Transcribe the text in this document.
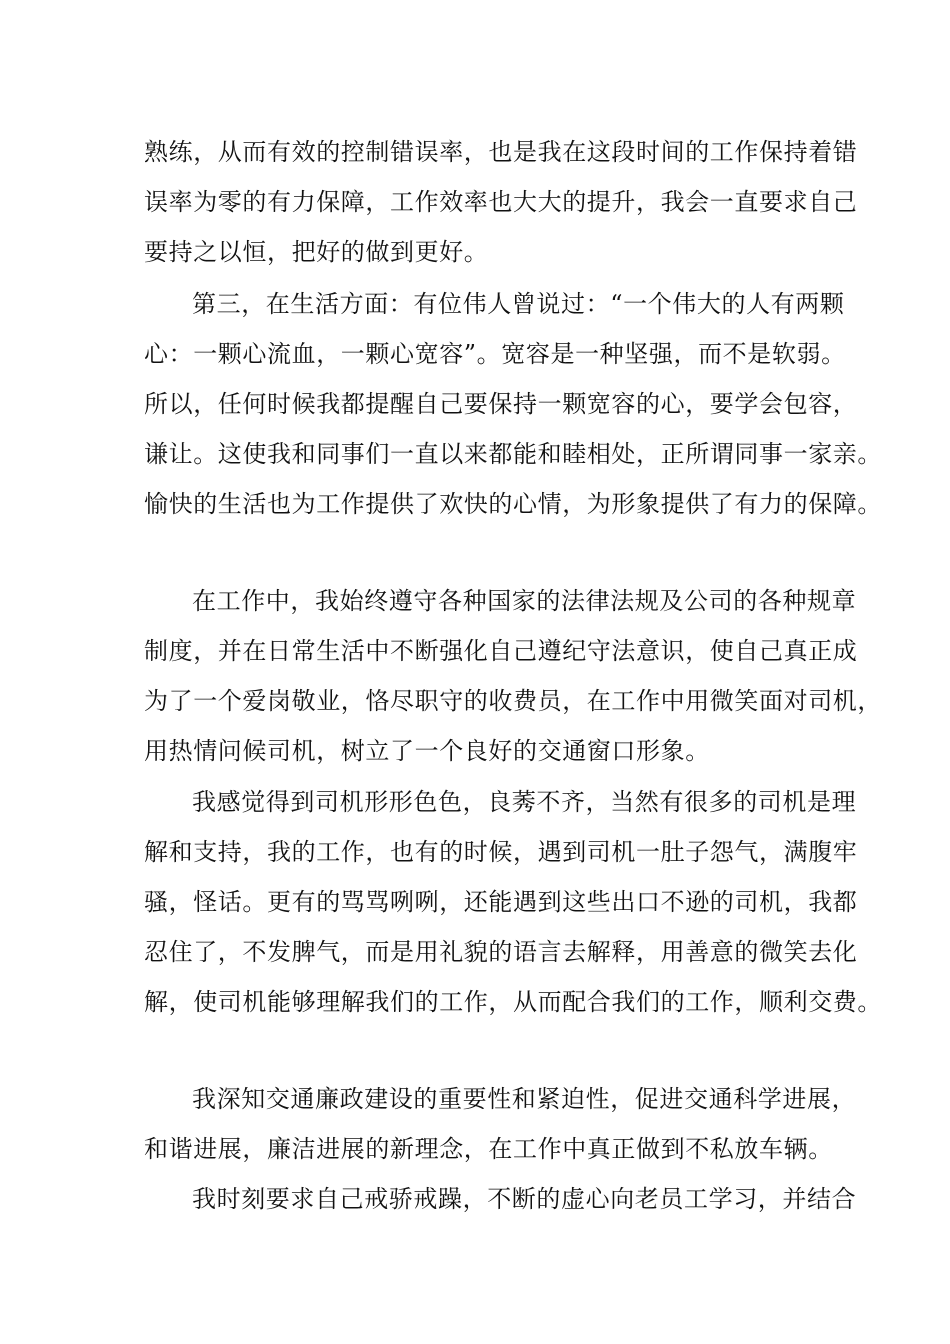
熟练，从而有效的控制错误率，也是我在这段时间的工作保持着错
误率为零的有力保障，工作效率也大大的提升，我会一直要求自己
要持之以恒，把好的做到更好。
第三，在生活方面：有位伟人曾说过：“一个伟大的人有两颗
心：一颗心流血，一颗心宽容”。宽容是一种坚强，而不是软弱。
所以，任何时候我都提醒自己要保持一颗宽容的心，要学会包容，
谦让。这使我和同事们一直以来都能和睦相处，正所谓同事一家亲。
愉快的生活也为工作提供了欢快的心情，为形象提供了有力的保障。
在工作中，我始终遵守各种国家的法律法规及公司的各种规章
制度，并在日常生活中不断强化自己遵纪守法意识，使自己真正成
为了一个爱岗敬业，恪尽职守的收费员，在工作中用微笑面对司机，
用热情问候司机，树立了一个良好的交通窗口形象。
我感觉得到司机形形色色，良莠不齐，当然有很多的司机是理
解和支持，我的工作，也有的时候，遇到司机一肚子怨气，满腹牢
骚，怪话。更有的骂骂咧咧，还能遇到这些出口不逊的司机，我都
忍住了，不发脾气，而是用礼貌的语言去解释，用善意的微笑去化
解，使司机能够理解我们的工作，从而配合我们的工作，顺利交费。
我深知交通廉政建设的重要性和紧迫性，促进交通科学进展，
和谐进展，廉洁进展的新理念，在工作中真正做到不私放车辆。
我时刻要求自己戒骄戒躁，不断的虚心向老员工学习，并结合
